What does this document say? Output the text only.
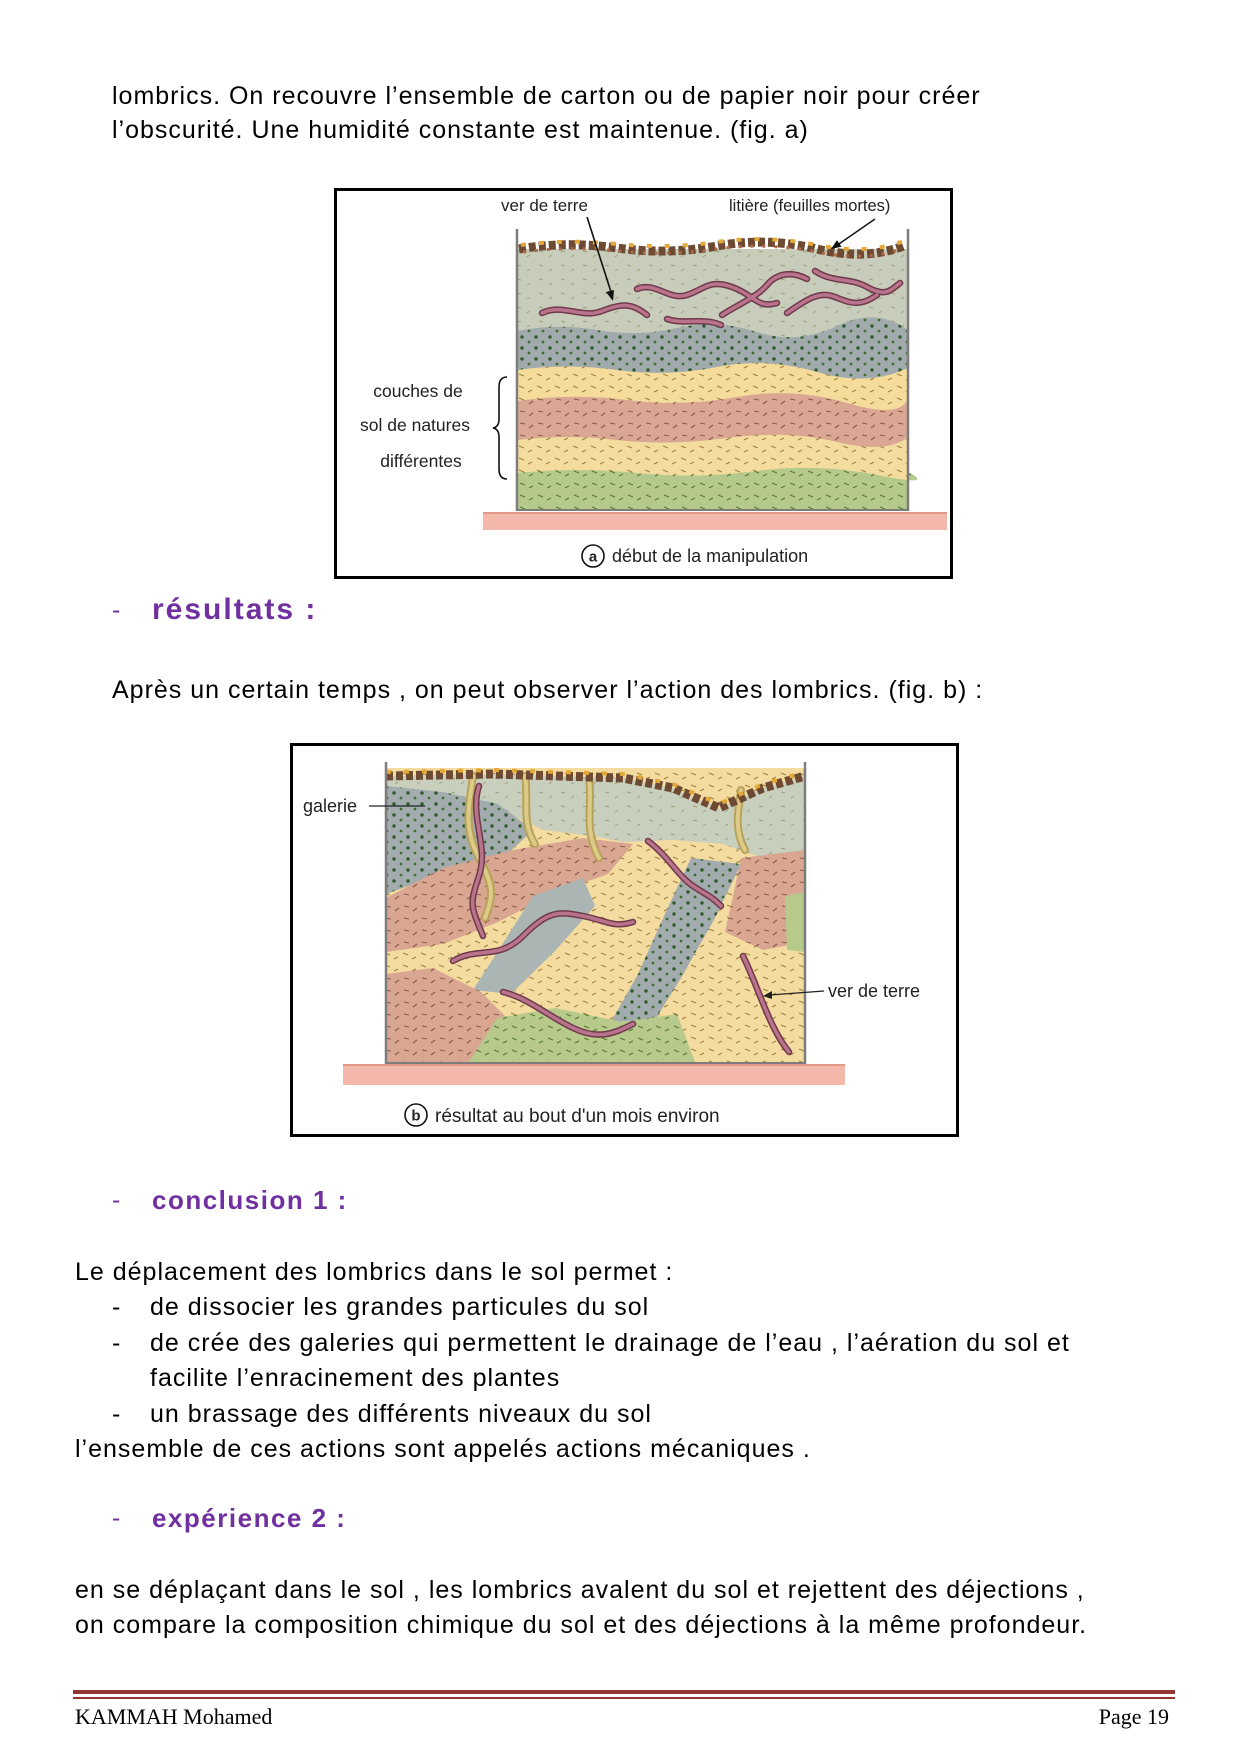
lombrics. On recouvre l’ensemble de carton ou de papier noir pour créer
l’obscurité. Une humidité constante est maintenue. (fig. a)
ver de terre	litière (feuilles mortes)
couches de
sol de natures
différentes
a début de la manipulation
- résultats :
Après un certain temps , on peut observer l’action des lombrics. (fig. b) :
galerie
ver de terre
b résultat au bout d'un mois environ
- conclusion 1 :
Le déplacement des lombrics dans le sol permet :
- de dissocier les grandes particules du sol
- de crée des galeries qui permettent le drainage de l’eau , l’aération du sol et
facilite l’enracinement des plantes
- un brassage des différents niveaux du sol
l’ensemble de ces actions sont appelés actions mécaniques .
- expérience 2 :
en se déplaçant dans le sol , les lombrics avalent du sol et rejettent des déjections ,
on compare la composition chimique du sol et des déjections à la même profondeur.
KAMMAH Mohamed	Page 19
